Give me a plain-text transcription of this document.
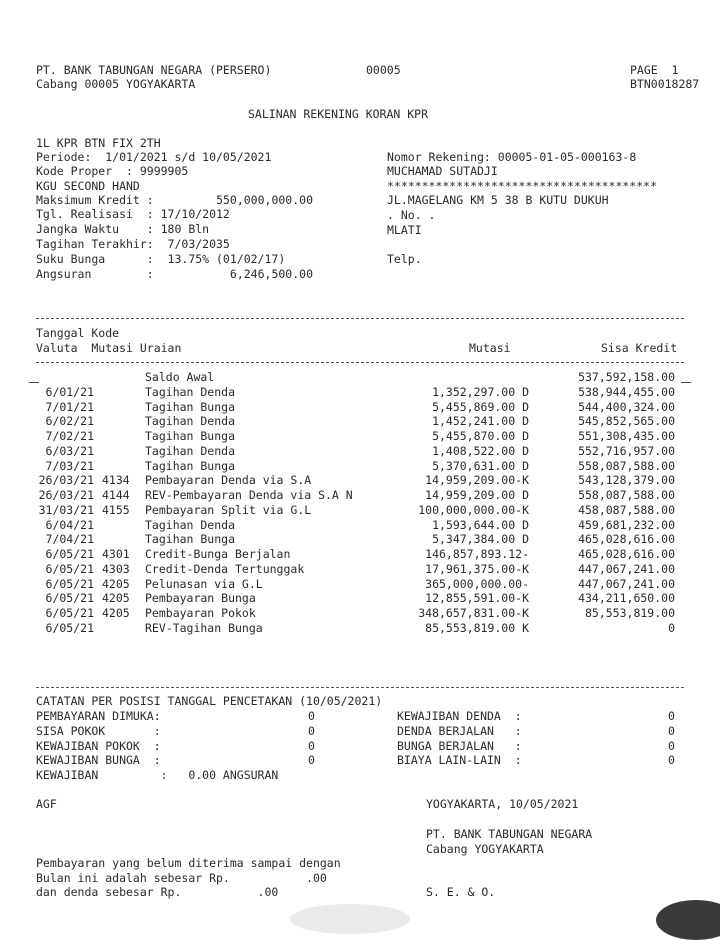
PT. BANK TABUNGAN NEGARA (PERSERO)	00005	PAGE  1
Cabang 00005 YOGYAKARTA	BTN0018287
SALINAN REKENING KORAN KPR
1L KPR BTN FIX 2TH
Periode:  1/01/2021 s/d 10/05/2021
Kode Proper  : 9999905
KGU SECOND HAND
Maksimum Kredit :	550,000,000.00
Tgl. Realisasi  : 17/10/2012
Jangka Waktu    : 180 Bln
Tagihan Terakhir:  7/03/2035
Suku Bunga      :  13.75% (01/02/17)
Angsuran        :	6,246,500.00
Nomor Rekening: 00005-01-05-000163-8
MUCHAMAD SUTADJI
***************************************
JL.MAGELANG KM 5 38 B KUTU DUKUH
. No. .
MLATI
Telp.
Tanggal Kode
Valuta  Mutasi Uraian	Mutasi	Sisa Kredit
Saldo Awal	537,592,158.00
6/01/21	Tagihan Denda	1,352,297.00 D	538,944,455.00
7/01/21	Tagihan Bunga	5,455,869.00 D	544,400,324.00
6/02/21	Tagihan Denda	1,452,241.00 D	545,852,565.00
7/02/21	Tagihan Bunga	5,455,870.00 D	551,308,435.00
6/03/21	Tagihan Denda	1,408,522.00 D	552,716,957.00
7/03/21	Tagihan Bunga	5,370,631.00 D	558,087,588.00
26/03/21 4134 Pembayaran Denda via S.A	14,959,209.00-K	543,128,379.00
26/03/21 4144 REV-Pembayaran Denda via S.A N	14,959,209.00 D	558,087,588.00
31/03/21 4155 Pembayaran Split via G.L	100,000,000.00-K	458,087,588.00
6/04/21	Tagihan Denda	1,593,644.00 D	459,681,232.00
7/04/21	Tagihan Bunga	5,347,384.00 D	465,028,616.00
6/05/21 4301 Credit-Bunga Berjalan	146,857,893.12-	465,028,616.00
6/05/21 4303 Credit-Denda Tertunggak	17,961,375.00-K	447,067,241.00
6/05/21 4205 Pelunasan via G.L	365,000,000.00-	447,067,241.00
6/05/21 4205 Pembayaran Bunga	12,855,591.00-K	434,211,650.00
6/05/21 4205 Pembayaran Pokok	348,657,831.00-K	85,553,819.00
6/05/21	REV-Tagihan Bunga	85,553,819.00 K	0
CATATAN PER POSISI TANGGAL PENCETAKAN (10/05/2021)
PEMBAYARAN DIMUKA:	0
SISA POKOK       :	0
KEWAJIBAN POKOK  :	0
KEWAJIBAN BUNGA  :	0
KEWAJIBAN DENDA  :	0
DENDA BERJALAN   :	0
BUNGA BERJALAN   :	0
BIAYA LAIN-LAIN  :	0
KEWAJIBAN         :   0.00 ANGSURAN
AGF	YOGYAKARTA, 10/05/2021
PT. BANK TABUNGAN NEGARA
Cabang YOGYAKARTA
Pembayaran yang belum diterima sampai dengan
Bulan ini adalah sebesar Rp.           .00
dan denda sebesar Rp.           .00	S. E. & O.
